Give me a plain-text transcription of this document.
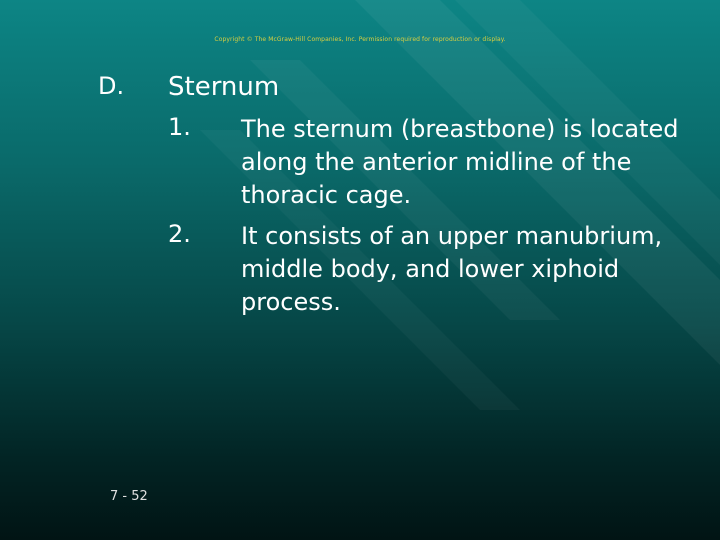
Copyright © The McGraw-Hill Companies, Inc. Permission required for reproduction or display.
D. Sternum
1. The sternum (breastbone) is located along the anterior midline of the thoracic cage.
2. It consists of an upper manubrium, middle body, and lower xiphoid process.
7 - 52
